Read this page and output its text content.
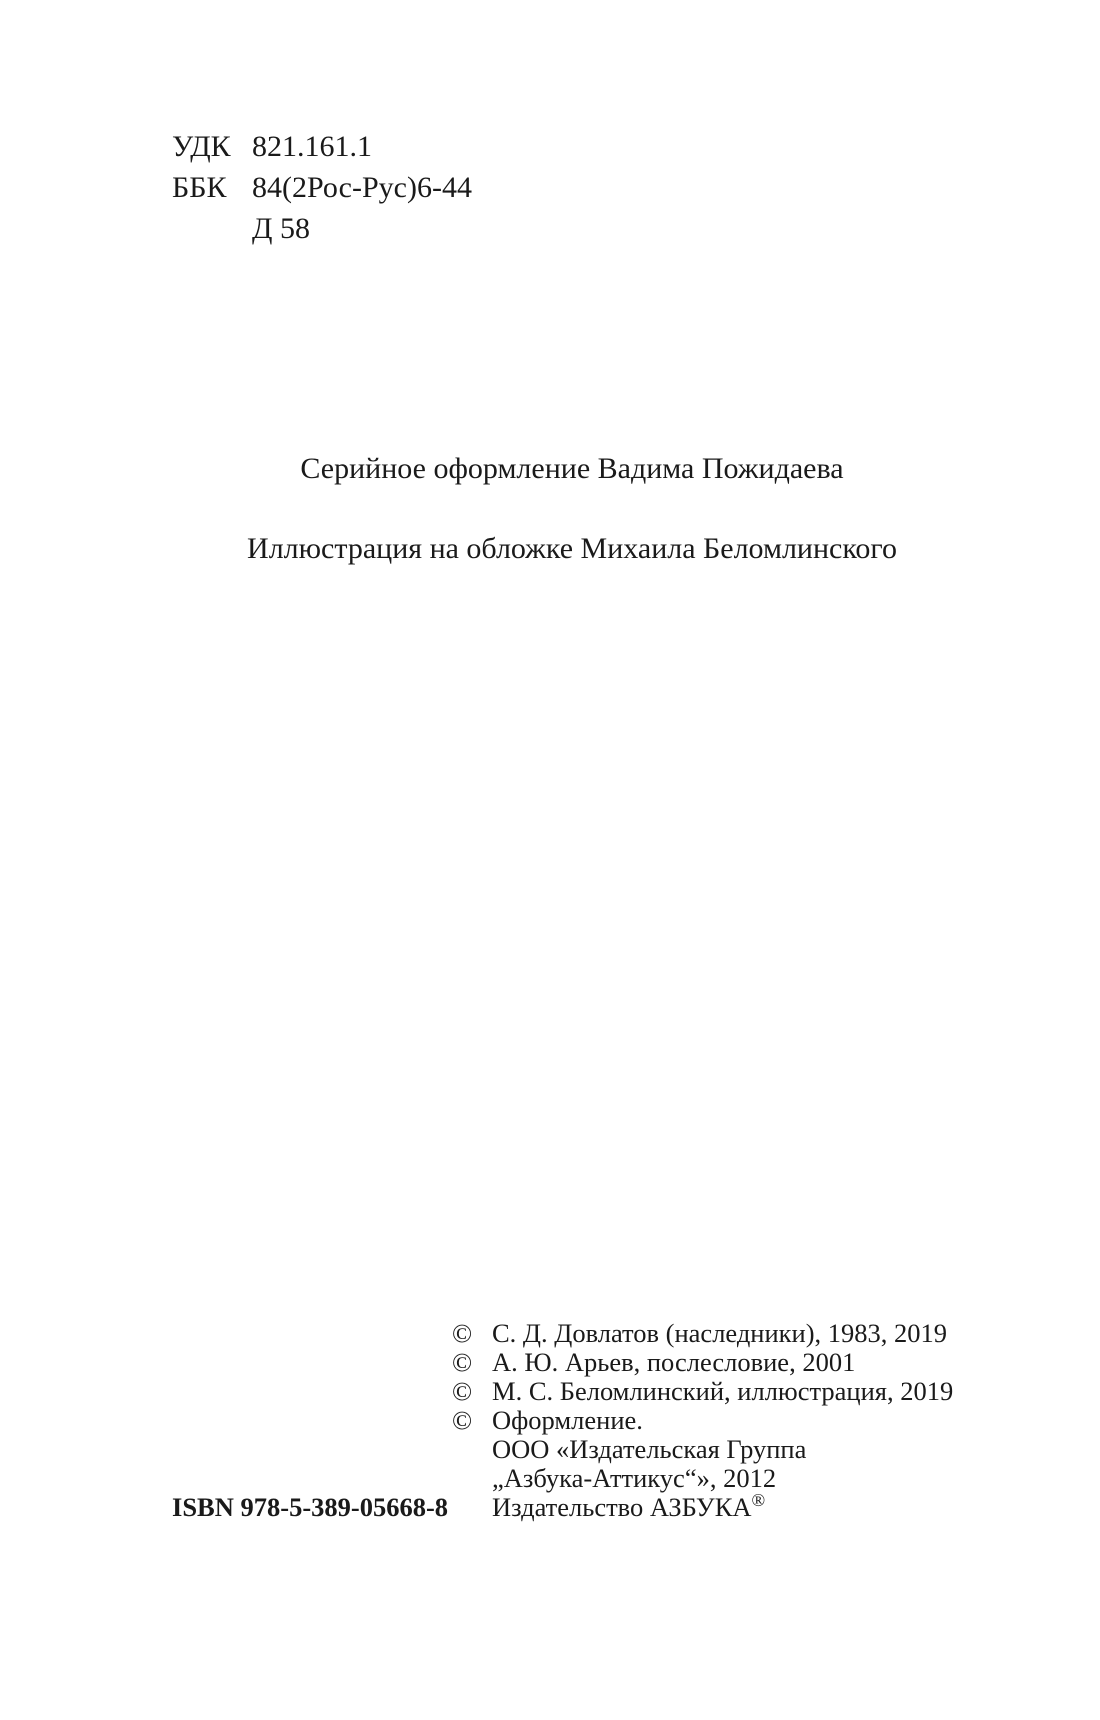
УДК 821.161.1
ББК 84(2Рос-Рус)6-44
Д 58
Серийное оформление Вадима Пожидаева
Иллюстрация на обложке Михаила Беломлинского
© С. Д. Довлатов (наследники), 1983, 2019
© А. Ю. Арьев, послесловие, 2001
© М. С. Беломлинский, иллюстрация, 2019
© Оформление.
ООО «Издательская Группа
„Азбука-Аттикус“», 2012
Издательство АЗБУКА®
ISBN 978-5-389-05668-8
